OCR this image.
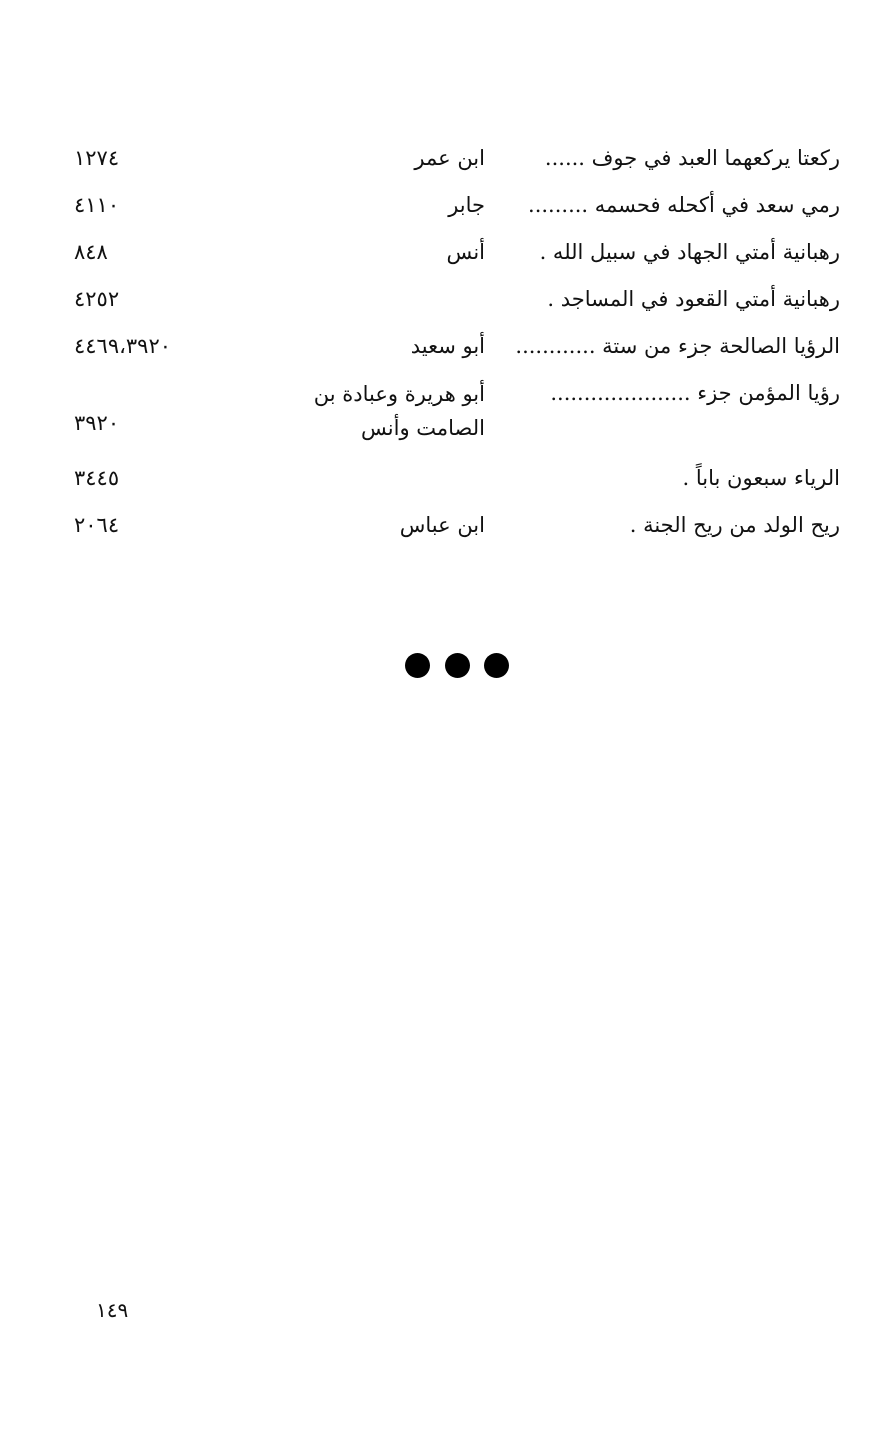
ركعتا يركعهما العبد في جوف ......
ابن عمر
١٢٧٤
رمي سعد في أكحله فحسمه .........
جابر
٤١١٠
رهبانية أمتي الجهاد في سبيل الله .
أنس
٨٤٨
رهبانية أمتي القعود في المساجد .
٤٢٥٢
الرؤيا الصالحة جزء من ستة ............
أبو سعيد
٤٤٦٩،٣٩٢٠
رؤيا المؤمن جزء .....................
أبو هريرة وعبادة بن الصامت وأنس
٣٩٢٠
الرياء سبعون باباً .
٣٤٤٥
ريح الولد من ريح الجنة .
ابن عباس
٢٠٦٤
١٤٩
